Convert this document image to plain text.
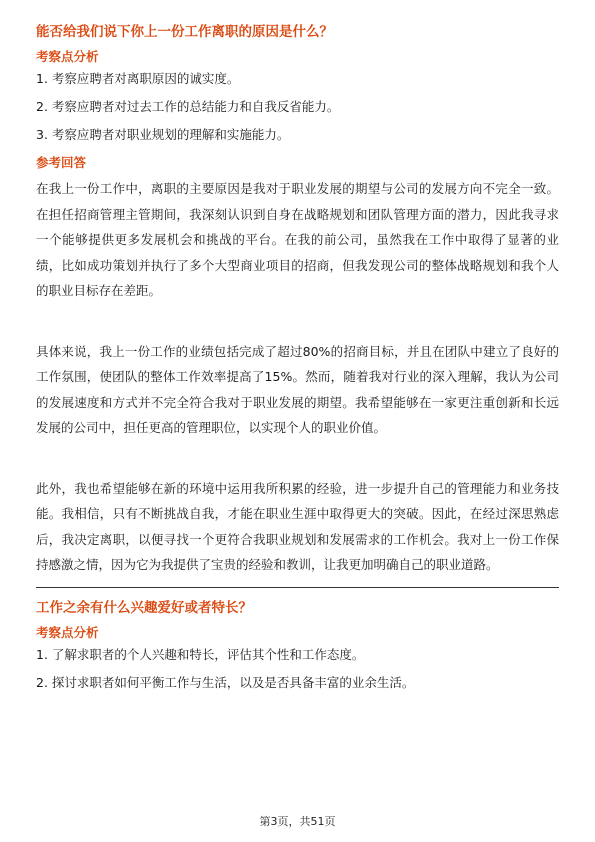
能否给我们说下你上一份工作离职的原因是什么？

考察点分析

1. 考察应聘者对离职原因的诚实度。

2. 考察应聘者对过去工作的总结能力和自我反省能力。

3. 考察应聘者对职业规划的理解和实施能力。

参考回答

在我上一份工作中，离职的主要原因是我对于职业发展的期望与公司的发展方向不完全一致。在担任招商管理主管期间，我深刻认识到自身在战略规划和团队管理方面的潜力，因此我寻求一个能够提供更多发展机会和挑战的平台。在我的前公司，虽然我在工作中取得了显著的业绩，比如成功策划并执行了多个大型商业项目的招商，但我发现公司的整体战略规划和我个人的职业目标存在差距。

具体来说，我上一份工作的业绩包括完成了超过80%的招商目标，并且在团队中建立了良好的工作氛围，使团队的整体工作效率提高了15%。然而，随着我对行业的深入理解，我认为公司的发展速度和方式并不完全符合我对于职业发展的期望。我希望能够在一家更注重创新和长远发展的公司中，担任更高的管理职位，以实现个人的职业价值。

此外，我也希望能够在新的环境中运用我所积累的经验，进一步提升自己的管理能力和业务技能。我相信，只有不断挑战自我，才能在职业生涯中取得更大的突破。因此，在经过深思熟虑后，我决定离职，以便寻找一个更符合我职业规划和发展需求的工作机会。我对上一份工作保持感激之情，因为它为我提供了宝贵的经验和教训，让我更加明确自己的职业道路。

工作之余有什么兴趣爱好或者特长？

考察点分析

1. 了解求职者的个人兴趣和特长，评估其个性和工作态度。

2. 探讨求职者如何平衡工作与生活，以及是否具备丰富的业余生活。

第3页，共51页
